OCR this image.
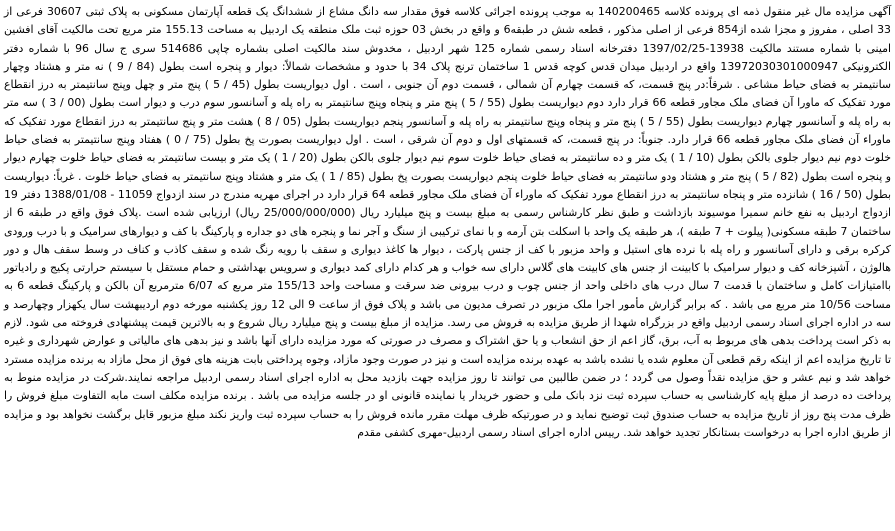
آگهی مزایده مال غیر منقول ذمه ای پرونده کلاسه 140200465 به موجب پرونده اجرائی کلاسه فوق مقدار سه دانگ مشاع از ششدانگ یک قطعه آپارتمان مسکونی به پلاک ثبتی 30607 فرعی از 33 اصلی ، مفروز و مجزا شده از854 فرعی از اصلی مذکور ، قطعه شش در طبقه6 و واقع در بخش 03 حوزه ثبت ملک منطقه یک اردبیل به مساحت 155.13 متر مربع تحت مالکیت آقای افشین امینی با شماره مستند مالکیت 13938-1397/02/25 دفترخانه اسناد رسمی شماره 125 شهر اردبیل ، مخدوش سند مالکیت اصلی بشماره چاپی 514686 سری ج سال 96 با شماره دفتر الکترونیکی 13972030301000947 واقع در اردبیل میدان قدس کوچه قدس 1 ساختمان ترنج پلاک 34 با حدود و مشخصات شمالاً: دیوار و پنجره است بطول (84 / 9 ) نه متر و هشتاد وچهار سانتیمتر به فضای حیاط مشاعی . شرقاً:در پنج قسمت، که قسمت چهارم آن شمالی ، قسمت دوم آن جنوبی ، است . اول دیواریست بطول (45 / 5 ) پنج متر و چهل وپنج سانتیمتر به درز انقطاع مورد تفکیک که ماورا آن فضای ملک مجاور قطعه 66 قرار دارد دوم دیواریست بطول (55 / 5 ) پنج متر و پنجاه وپنج سانتیمتر به راه پله و آسانسور سوم درب و دیوار است بطول (00 / 3 ) سه متر به راه پله و آسانسور چهارم دیواریست بطول (55 / 5 ) پنج متر و پنجاه وپنج سانتیمتر به راه پله و آسانسور پنجم دیواریست بطول (05 / 8 ) هشت متر و پنج سانتیمتر به درز انقطاع مورد تفکیک که ماوراء آن فضای ملک مجاور قطعه 66 قرار دارد. جنوباً: در پنج قسمت، که قسمتهای اول و دوم آن شرقی ، است . اول دیواریست بصورت پخ بطول (75 / 0 ) هفتاد وپنج سانتیمتر به فضای حیاط خلوت دوم نیم دیوار جلوی بالکن بطول (10 / 1 ) یک متر و ده سانتیمتر به فضای حیاط خلوت سوم نیم دیوار جلوی بالکن بطول (20 / 1 ) یک متر و بیست سانتیمتر به فضای حیاط خلوت چهارم دیوار و پنجره است بطول (82 / 5 ) پنج متر و هشتاد ودو سانتیمتر به فضای حیاط خلوت پنجم دیواریست بصورت پخ بطول (85 / 1 ) یک متر و هشتاد وپنج سانتیمتر به فضای حیاط خلوت . غرباً: دیواریست بطول (50 / 16 ) شانزده متر و پنجاه سانتیمتر به درز انقطاع مورد تفکیک که ماوراء آن فضای ملک مجاور قطعه 64 قرار دارد در اجرای مهریه مندرج در سند ازدواج 11059 - 1388/01/08 دفتر 19 ازدواج اردبیل به نفع خانم سمیرا موسیوند بازداشت و طبق نظر کارشناس رسمی به مبلغ بیست و پنج میلیارد ریال (25/000/000/000 ریال) ارزیابی شده است .پلاک فوق واقع در طبقه 6 از ساختمان 7 طبقه مسکونی( پیلوت + 7 طبقه )، هر طبقه یک واحد با اسکلت بتن آرمه و با نمای ترکیبی از سنگ و آجر نما و پنجره های دو جداره و پارکینگ با کف و دیوارهای سرامیک و با درب ورودی کرکره برقی و دارای آسانسور و راه پله با نرده های استیل و واحد مزبور با کف از جنس پارکت ، دیوار ها کاغذ دیواری و سقف با رویه رنگ شده و سقف کاذب و کناف در وسط سقف هال و دور هالوژن ، آشپزخانه کف و دیوار سرامیک با کابینت از جنس های کابینت های گلاس دارای سه خواب و هر کدام دارای کمد دیواری و سرویس بهداشتی و حمام مستقل با سیستم حرارتی پکیج و رادیاتور باامتیازات کامل و ساختمان با قدمت 7 سال درب های داخلی واحد از جنس چوب و درب بیرونی ضد سرقت و مساحت واحد 155/13 متر مربع که 6/07 مترمربع آن بالکن و پارکینگ قطعه 6 به مساحت 10/56 متر مربع می باشد . که برابر گزارش مأمور اجرا ملک مزبور در تصرف مدیون می باشد و پلاک فوق از ساعت 9 الی 12 روز یکشنبه مورخه دوم اردیبهشت سال یکهزار وچهارصد و سه در اداره اجرای اسناد رسمی اردبیل واقع در بزرگراه شهدا از طریق مزایده به فروش می رسد. مزایده از مبلغ بیست و پنج میلیارد ریال شروع و به بالاترین قیمت پیشنهادی فروخته می شود. لازم به ذکر است پرداخت بدهی های مربوط به آب، برق، گاز اعم از حق انشعاب و یا حق اشتراک و مصرف در صورتی که مورد مزایده دارای آنها باشد و نیز بدهی های مالیاتی و عوارض شهرداری و غیره تا تاریخ مزایده اعم از اینکه رقم قطعی آن معلوم شده یا نشده باشد به عهده برنده مزایده است و نیز در صورت وجود مازاد، وجوه پرداختی بابت هزینه های فوق از محل مازاد به برنده مزایده مسترد خواهد شد و نیم عشر و حق مزایده نقداً وصول می گردد ؛ در ضمن طالبین می توانند تا روز مزایده جهت بازدید محل به اداره اجرای اسناد رسمی اردبیل مراجعه نمایند.شرکت در مزایده منوط به پرداخت ده درصد از مبلغ پایه کارشناسی به حساب سپرده ثبت نزد بانک ملی و حضور خریدار یا نماینده قانونی او در جلسه مزایده می باشد . برنده مزایده مکلف است مابه التفاوت مبلغ فروش را ظرف مدت پنج روز از تاریخ مزایده به حساب صندوق ثبت توضیح نماید و در صورتیکه ظرف مهلت مقرر مانده فروش را به حساب سپرده ثبت واریز نکند مبلغ مزبور قابل برگشت نخواهد بود و مزایده از طریق اداره اجرا به درخواست بستانکار تجدید خواهد شد. رییس اداره اجرای اسناد رسمی اردبیل-مهری کشفی مقدم
